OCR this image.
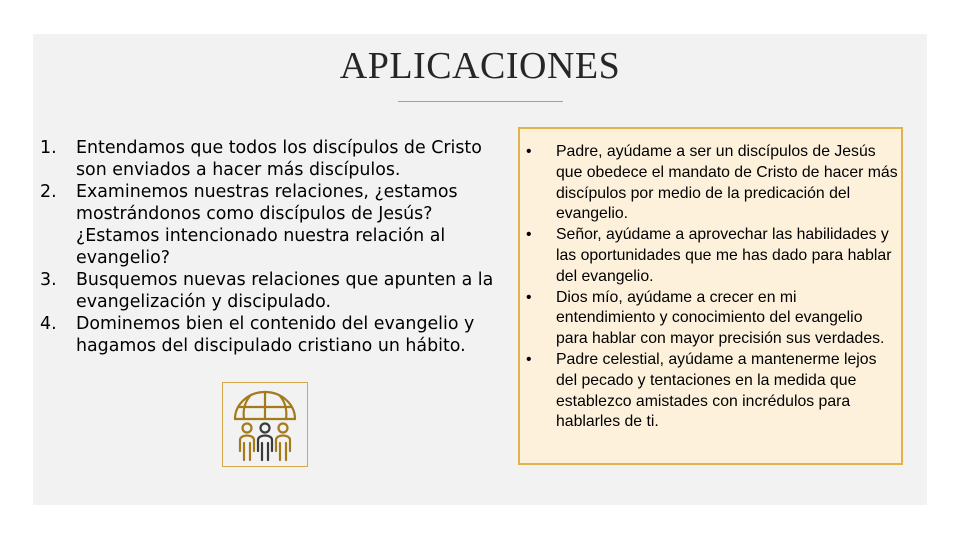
APLICACIONES
1. Entendamos que todos los discípulos de Cristo son enviados a hacer más discípulos.
2. Examinemos nuestras relaciones, ¿estamos mostrándonos como discípulos de Jesús? ¿Estamos intencionado nuestra relación al evangelio?
3. Busquemos nuevas relaciones que apunten a la evangelización y discipulado.
4. Dominemos bien el contenido del evangelio y hagamos del discipulado cristiano un hábito.
• Padre, ayúdame a ser un discípulos de Jesús que obedece el mandato de Cristo de hacer más discípulos por medio de la predicación del evangelio.
• Señor, ayúdame a aprovechar las habilidades y las oportunidades que me has dado para hablar del evangelio.
• Dios mío, ayúdame a crecer en mi entendimiento y conocimiento del evangelio para hablar con mayor precisión sus verdades.
• Padre celestial, ayúdame a mantenerme lejos del pecado y tentaciones en la medida que establezco amistades con incrédulos para hablarles de ti.
